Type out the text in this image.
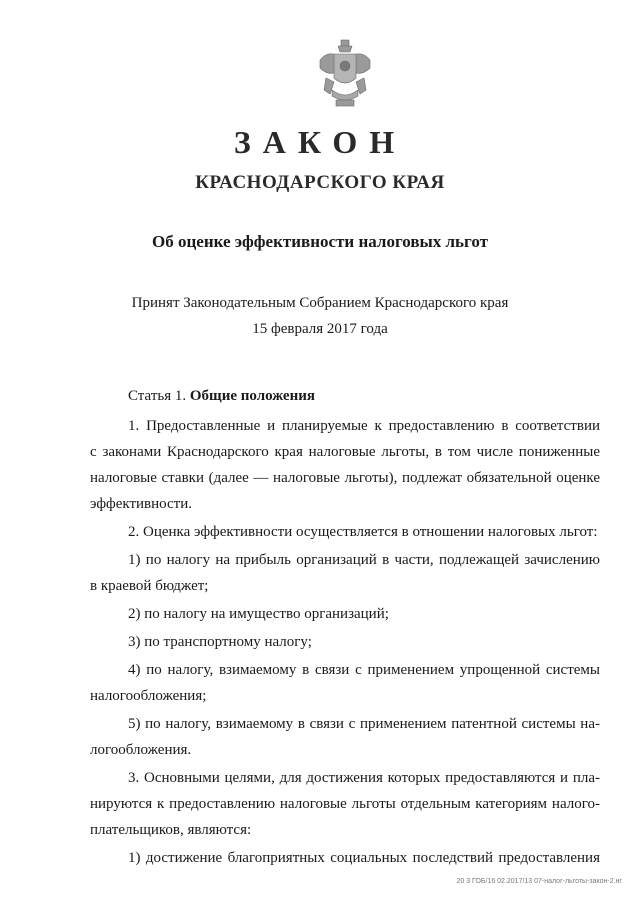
ЗАКОН
КРАСНОДАРСКОГО КРАЯ
Об оценке эффективности налоговых льгот
Принят Законодательным Собранием Краснодарского края
15 февраля 2017 года
Статья 1. Общие положения
1. Предоставленные и планируемые к предоставлению в соответствии
с законами Краснодарского края налоговые льготы, в том числе пониженные
налоговые ставки (далее — налоговые льготы), подлежат обязательной оценке
эффективности.
2. Оценка эффективности осуществляется в отношении налоговых льгот:
1) по налогу на прибыль организаций в части, подлежащей зачислению
в краевой бюджет;
2) по налогу на имущество организаций;
3) по транспортному налогу;
4) по налогу, взимаемому в связи с применением упрощенной системы
налогообложения;
5) по налогу, взимаемому в связи с применением патентной системы на-
логообложения.
3. Основными целями, для достижения которых предоставляются и пла-
нируются к предоставлению налоговые льготы отдельным категориям налого-
плательщиков, являются:
1) достижение благоприятных социальных последствий предоставления
20 3 ГОБ/16 02.2017/13 07-налог-льготы-закон-2.нг
